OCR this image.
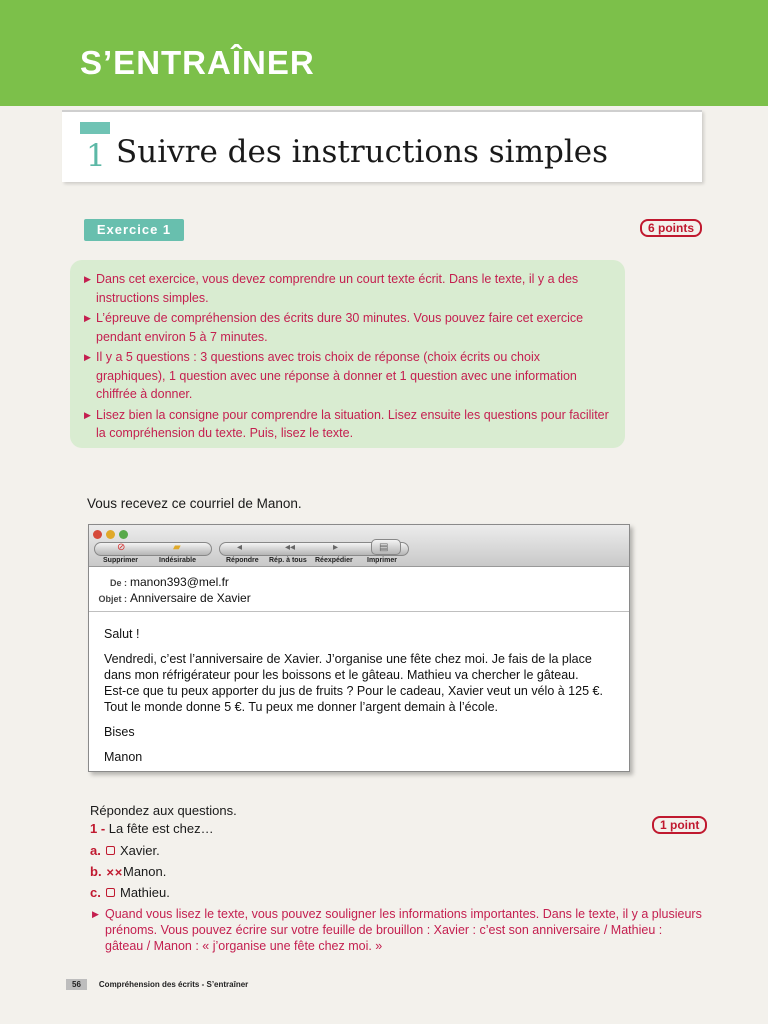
S’ENTRAÎNER
1 Suivre des instructions simples
Exercice 1	6 points
▶ Dans cet exercice, vous devez comprendre un court texte écrit. Dans le texte, il y a des instructions simples.
▶ L’épreuve de compréhension des écrits dure 30 minutes. Vous pouvez faire cet exercice pendant environ 5 à 7 minutes.
▶ Il y a 5 questions : 3 questions avec trois choix de réponse (choix écrits ou choix graphiques), 1 question avec une réponse à donner et 1 question avec une information chiffrée à donner.
▶ Lisez bien la consigne pour comprendre la situation. Lisez ensuite les questions pour faciliter la compréhension du texte. Puis, lisez le texte.
Vous recevez ce courriel de Manon.
⊘	▰	◂	◂◂	▸	▤
Supprimer	Indésirable	Répondre Rép. à tous Réexpédier Imprimer
De : manon393@mel.fr
Objet : Anniversaire de Xavier

Salut !

Vendredi, c’est l’anniversaire de Xavier. J’organise une fête chez moi. Je fais de la place
dans mon réfrigérateur pour les boissons et le gâteau. Mathieu va chercher le gâteau.
Est-ce que tu peux apporter du jus de fruits ? Pour le cadeau, Xavier veut un vélo à 125 €.
Tout le monde donne 5 €. Tu peux me donner l’argent demain à l’école.

Bises

Manon

Répondez aux questions.
1 - La fête est chez…	1 point
a. Xavier.
b. ✕✕Manon.
c. Mathieu.
▶ Quand vous lisez le texte, vous pouvez souligner les informations importantes. Dans le texte, il y a plusieurs prénoms. Vous pouvez écrire sur votre feuille de brouillon : Xavier : c’est son anniversaire / Mathieu : gâteau / Manon : « j’organise une fête chez moi. »
56 Compréhension des écrits - S’entraîner
